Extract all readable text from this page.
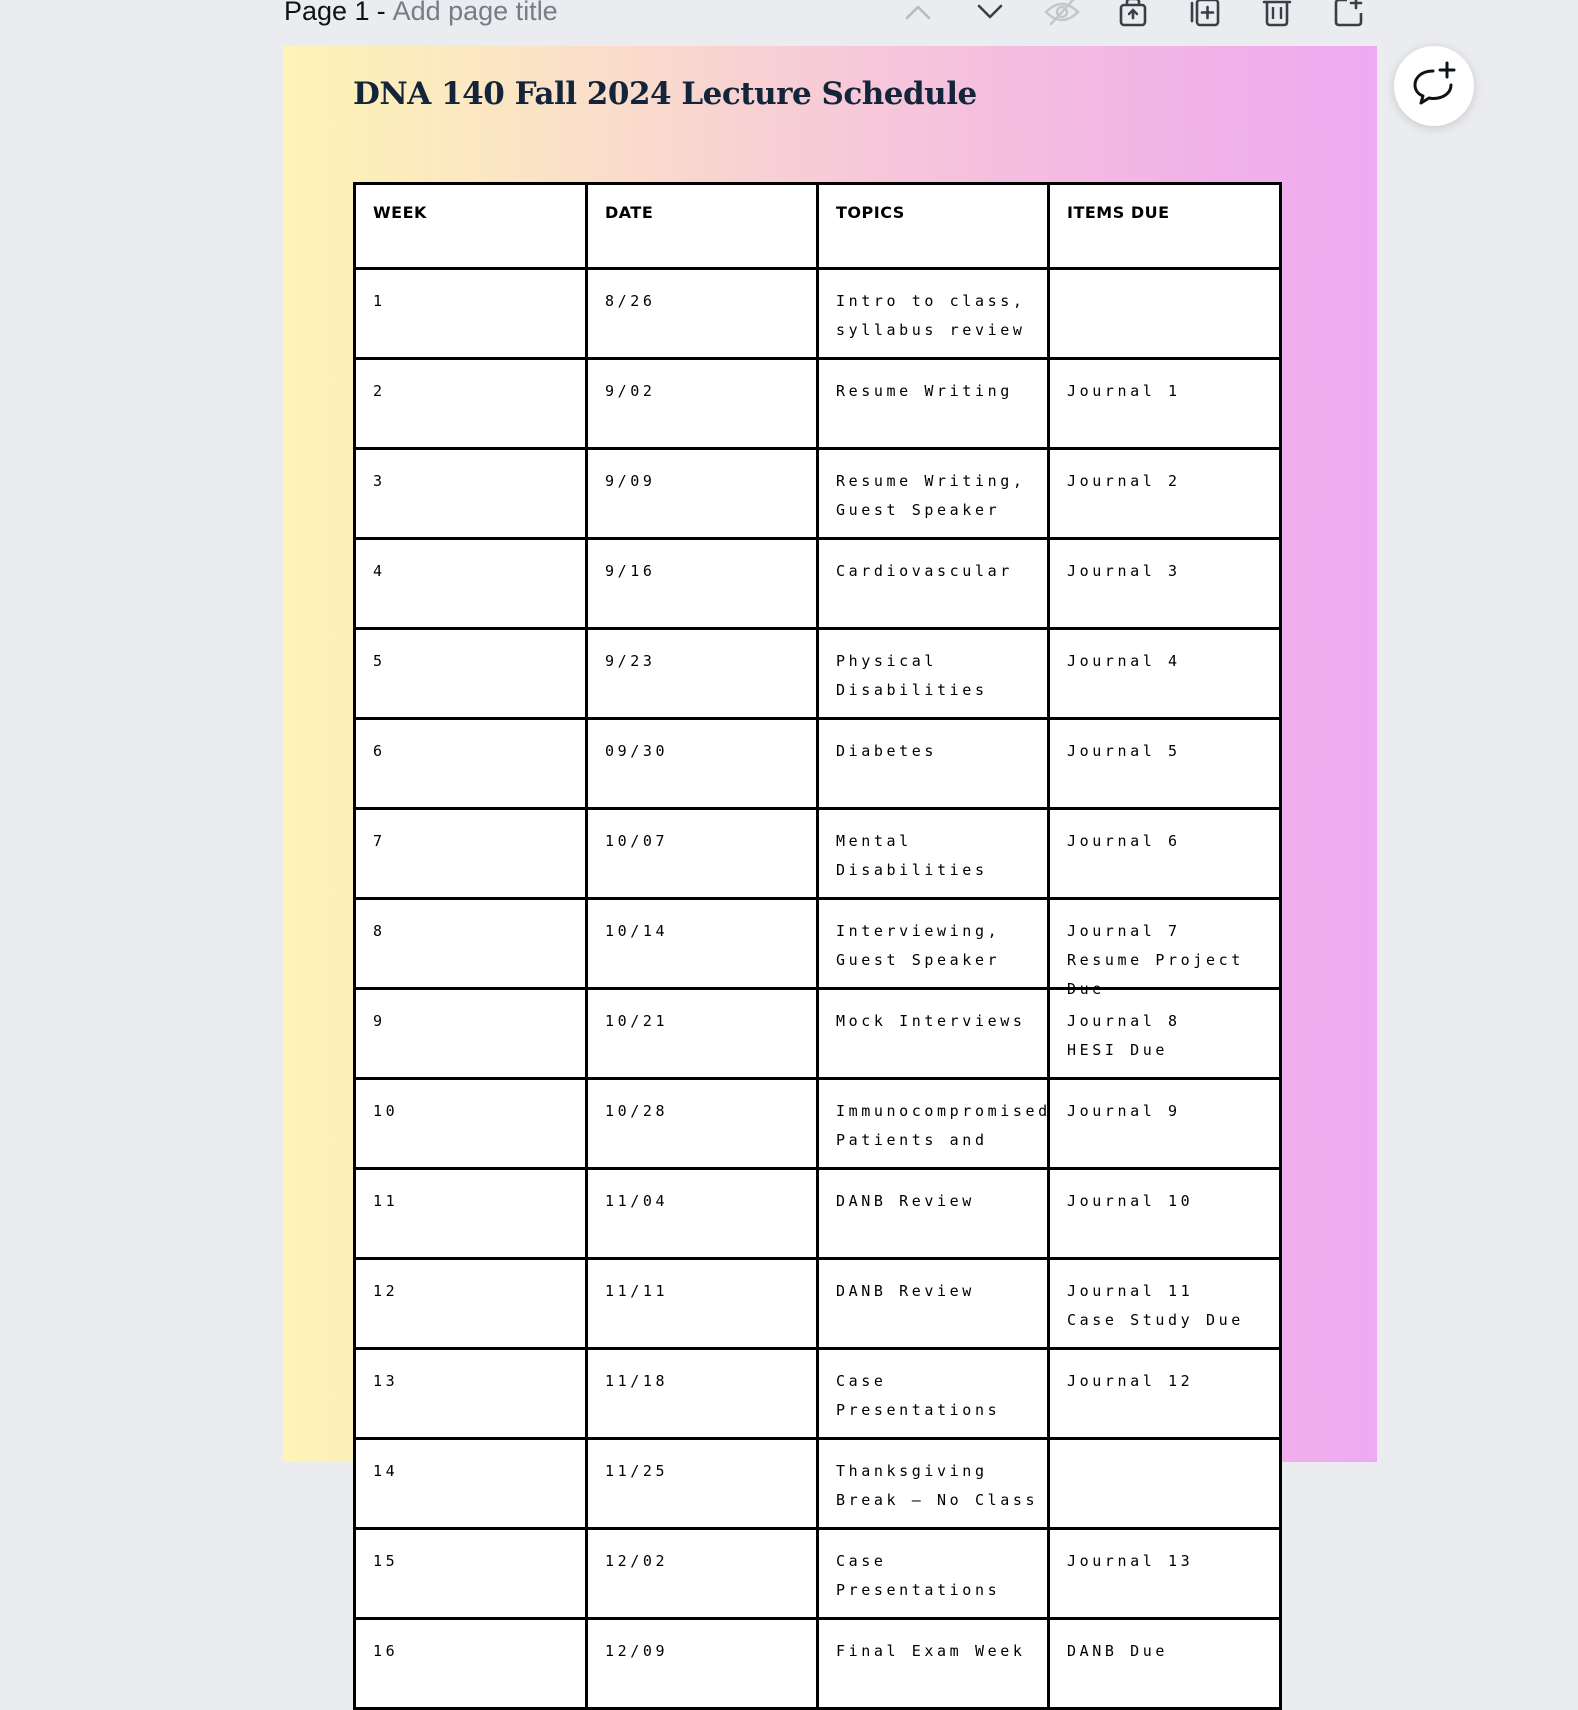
Page 1 - Add page title
DNA 140 Fall 2024 Lecture Schedule
WEEK	DATE	TOPICS	ITEMS DUE

1	8/26	Intro to class, syllabus review	

2	9/02	Resume Writing	Journal 1

3	9/09	Resume Writing, Guest Speaker	Journal 2

4	9/16	Cardiovascular	Journal 3

5	9/23	Physical Disabilities	Journal 4

6	09/30	Diabetes	Journal 5

7	10/07	Mental Disabilities	Journal 6

8	10/14	Interviewing, Guest Speaker	Journal 7
Resume Project Due

9	10/21	Mock Interviews	Journal 8
HESI Due

10	10/28	Immunocompromised Patients and	Journal 9

11	11/04	DANB Review	Journal 10

12	11/11	DANB Review	Journal 11
Case Study Due

13	11/18	Case Presentations	Journal 12

14	11/25	Thanksgiving Break – No Class	

15	12/02	Case Presentations	Journal 13

16	12/09	Final Exam Week	DANB Due
